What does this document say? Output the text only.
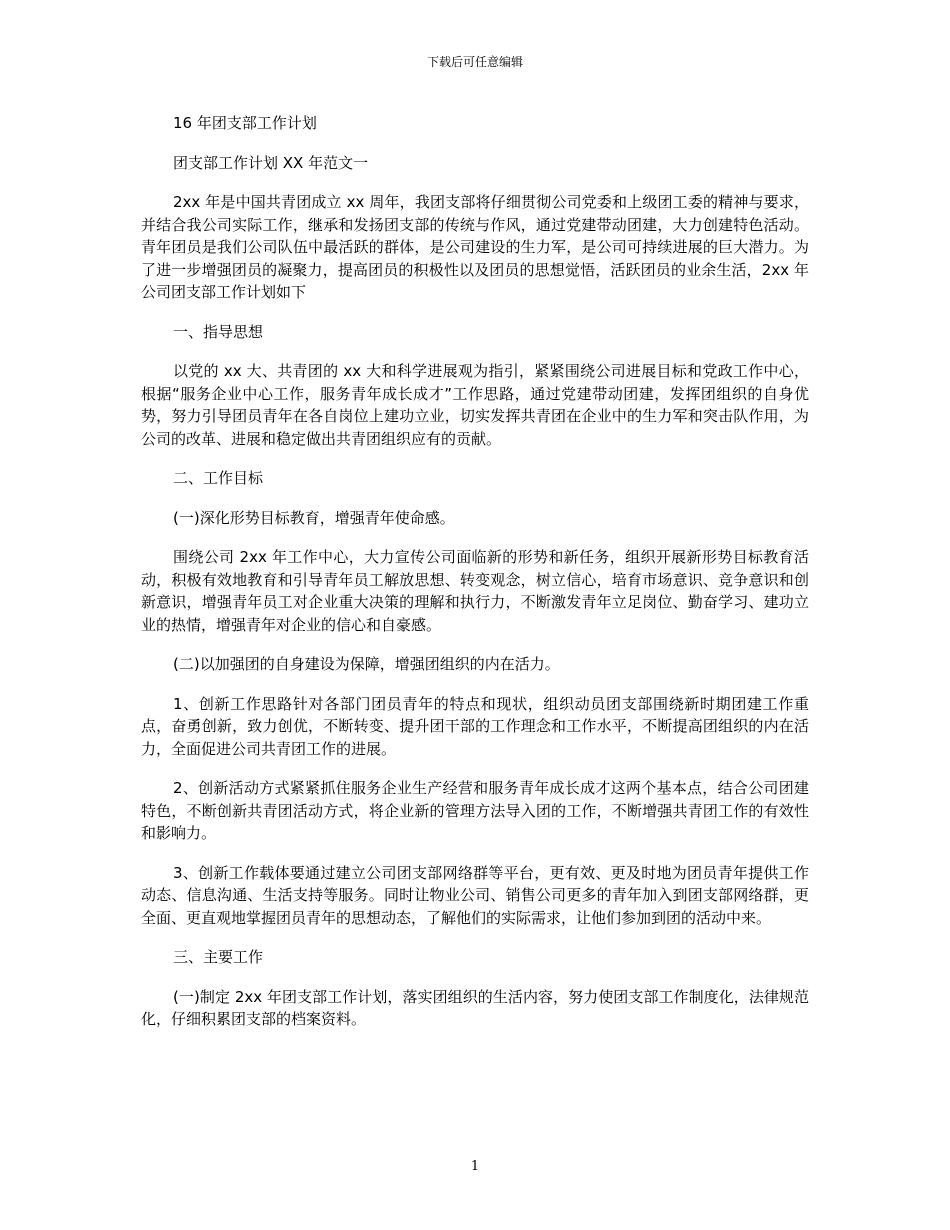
下载后可任意编辑
16 年团支部工作计划
团支部工作计划 XX 年范文一
2xx 年是中国共青团成立 xx 周年，我团支部将仔细贯彻公司党委和上级团工委的精神与要求，并结合我公司实际工作，继承和发扬团支部的传统与作风，通过党建带动团建，大力创建特色活动。青年团员是我们公司队伍中最活跃的群体，是公司建设的生力军，是公司可持续进展的巨大潜力。为了进一步增强团员的凝聚力，提高团员的积极性以及团员的思想觉悟，活跃团员的业余生活，2xx 年公司团支部工作计划如下
一、指导思想
以党的 xx 大、共青团的 xx 大和科学进展观为指引，紧紧围绕公司进展目标和党政工作中心，根据“服务企业中心工作，服务青年成长成才”工作思路，通过党建带动团建，发挥团组织的自身优势，努力引导团员青年在各自岗位上建功立业，切实发挥共青团在企业中的生力军和突击队作用，为公司的改革、进展和稳定做出共青团组织应有的贡献。
二、工作目标
(一)深化形势目标教育，增强青年使命感。
围绕公司 2xx 年工作中心，大力宣传公司面临新的形势和新任务，组织开展新形势目标教育活动，积极有效地教育和引导青年员工解放思想、转变观念，树立信心，培育市场意识、竞争意识和创新意识，增强青年员工对企业重大决策的理解和执行力，不断激发青年立足岗位、勤奋学习、建功立业的热情，增强青年对企业的信心和自豪感。
(二)以加强团的自身建设为保障，增强团组织的内在活力。
1、创新工作思路针对各部门团员青年的特点和现状，组织动员团支部围绕新时期团建工作重点，奋勇创新，致力创优，不断转变、提升团干部的工作理念和工作水平，不断提高团组织的内在活力，全面促进公司共青团工作的进展。
2、创新活动方式紧紧抓住服务企业生产经营和服务青年成长成才这两个基本点，结合公司团建特色，不断创新共青团活动方式，将企业新的管理方法导入团的工作，不断增强共青团工作的有效性和影响力。
3、创新工作载体要通过建立公司团支部网络群等平台，更有效、更及时地为团员青年提供工作动态、信息沟通、生活支持等服务。同时让物业公司、销售公司更多的青年加入到团支部网络群，更全面、更直观地掌握团员青年的思想动态，了解他们的实际需求，让他们参加到团的活动中来。
三、主要工作
(一)制定 2xx 年团支部工作计划，落实团组织的生活内容，努力使团支部工作制度化，法律规范化，仔细积累团支部的档案资料。
1
